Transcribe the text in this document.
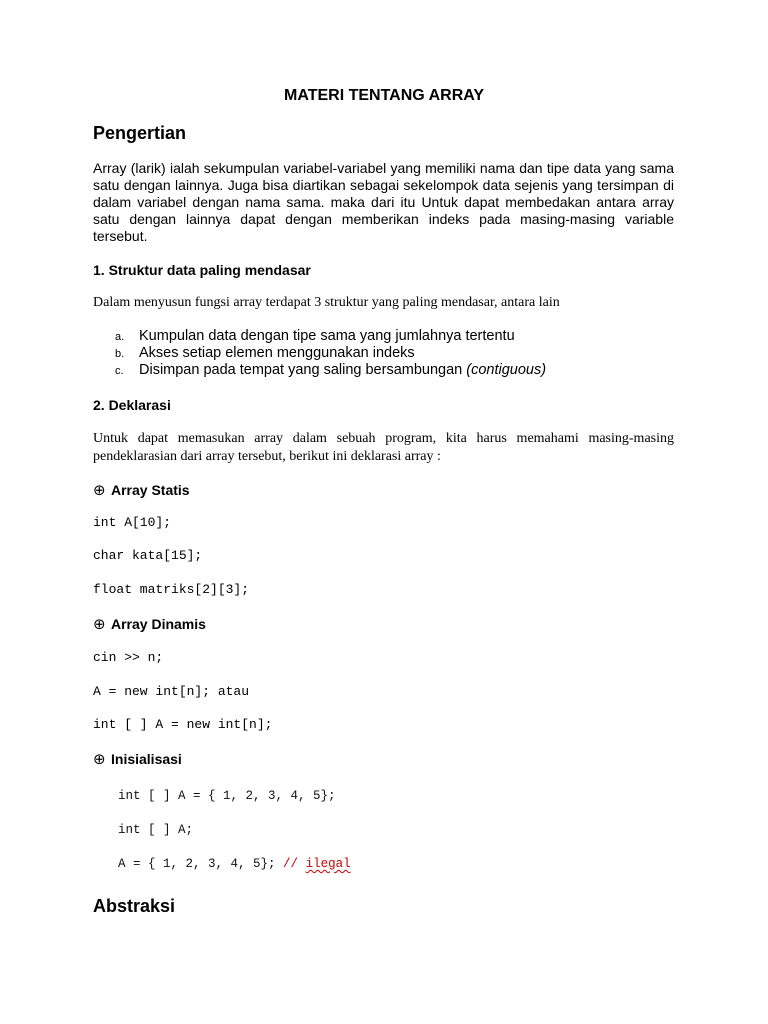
MATERI TENTANG ARRAY
Pengertian
Array (larik) ialah sekumpulan variabel-variabel yang memiliki nama dan tipe data yang sama satu dengan lainnya. Juga bisa diartikan sebagai sekelompok data sejenis yang tersimpan di dalam variabel dengan nama sama. maka dari itu Untuk dapat membedakan antara array satu dengan lainnya dapat dengan memberikan indeks pada masing-masing variable tersebut.
1. Struktur data paling mendasar
Dalam menyusun fungsi array terdapat 3 struktur yang paling mendasar, antara lain
a. Kumpulan data dengan tipe sama yang jumlahnya tertentu
b. Akses setiap elemen menggunakan indeks
c. Disimpan pada tempat yang saling bersambungan (contiguous)
2. Deklarasi
Untuk dapat memasukan array dalam sebuah program, kita harus memahami masing-masing pendeklarasian dari array tersebut, berikut ini deklarasi array :
⊕ Array Statis
int A[10];
char kata[15];
float matriks[2][3];
⊕ Array Dinamis
cin >> n;
A = new int[n]; atau
int [ ] A = new int[n];
⊕ Inisialisasi
int [ ] A = { 1, 2, 3, 4, 5};
int [ ] A;
A = { 1, 2, 3, 4, 5}; // ilegal
Abstraksi
